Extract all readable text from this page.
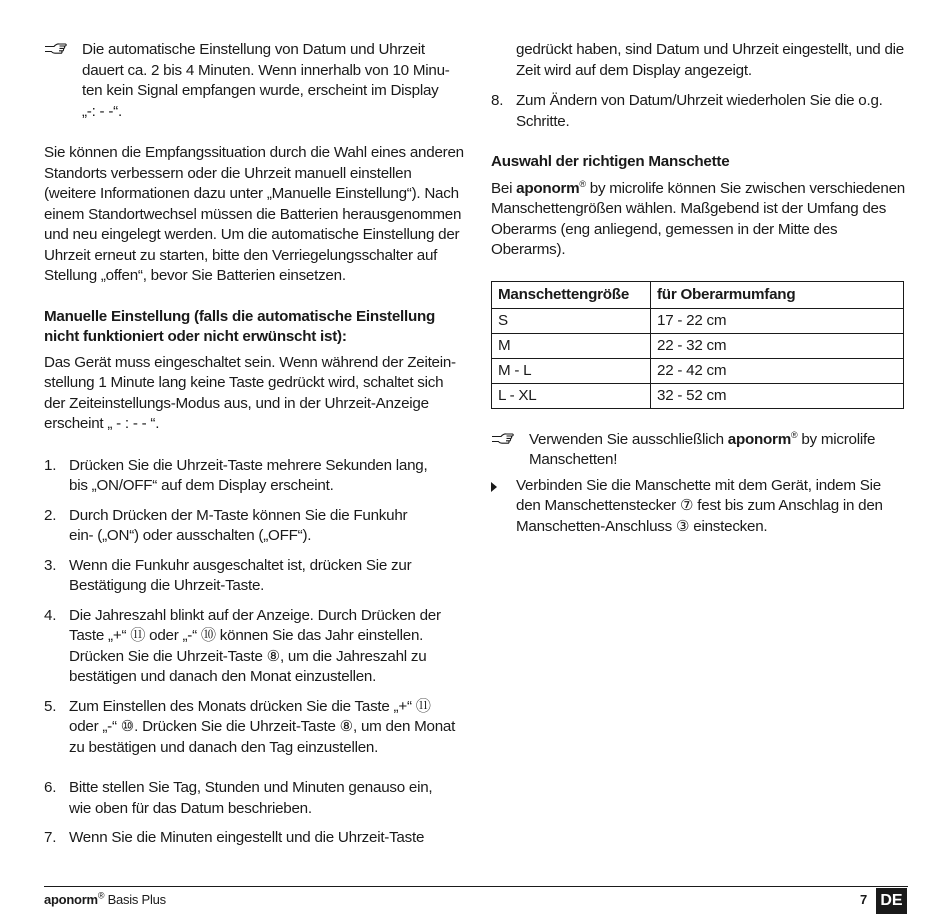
Die automatische Einstellung von Datum und Uhrzeit

dauert ca. 2 bis 4 Minuten. Wenn innerhalb von 10 Minu-

ten kein Signal empfangen wurde, erscheint im Display

„-: - -“.

Sie können die Empfangssituation durch die Wahl eines anderen

Standorts verbessern oder die Uhrzeit manuell einstellen

(weitere Informationen dazu unter „Manuelle Einstellung“). Nach

einem Standortwechsel müssen die Batterien herausgenommen

und neu eingelegt werden. Um die automatische Einstellung der

Uhrzeit erneut zu starten, bitte den Verriegelungsschalter auf

Stellung „offen“, bevor Sie Batterien einsetzen.

Manuelle Einstellung (falls die automatische Einstellung
nicht funktioniert oder nicht erwünscht ist):

Das Gerät muss eingeschaltet sein. Wenn während der Zeitein-

stellung 1 Minute lang keine Taste gedrückt wird, schaltet sich

der Zeiteinstellungs-Modus aus, und in der Uhrzeit-Anzeige

erscheint „ - : - - “.

1. Drücken Sie die Uhrzeit-Taste mehrere Sekunden lang,

bis „ON/OFF“ auf dem Display erscheint.

2. Durch Drücken der M-Taste können Sie die Funkuhr

ein- („ON“) oder ausschalten („OFF“).

3. Wenn die Funkuhr ausgeschaltet ist, drücken Sie zur

Bestätigung die Uhrzeit-Taste.

4. Die Jahreszahl blinkt auf der Anzeige. Durch Drücken der

Taste „+“ ⑪ oder „-“ ⑩ können Sie das Jahr einstellen.

Drücken Sie die Uhrzeit-Taste ⑧, um die Jahreszahl zu

bestätigen und danach den Monat einzustellen.

5. Zum Einstellen des Monats drücken Sie die Taste „+“ ⑪

oder „-“ ⑩. Drücken Sie die Uhrzeit-Taste ⑧, um den Monat

zu bestätigen und danach den Tag einzustellen.

6. Bitte stellen Sie Tag, Stunden und Minuten genauso ein,

wie oben für das Datum beschrieben.

7. Wenn Sie die Minuten eingestellt und die Uhrzeit-Taste

gedrückt haben, sind Datum und Uhrzeit eingestellt, und die

Zeit wird auf dem Display angezeigt.

8. Zum Ändern von Datum/Uhrzeit wiederholen Sie die o.g.

Schritte.

Auswahl der richtigen Manschette

Bei aponorm® by microlife können Sie zwischen verschiedenen

Manschettengrößen wählen. Maßgebend ist der Umfang des

Oberarms (eng anliegend, gemessen in der Mitte des Oberarms).

Manschettengröße	für Oberarmumfang
S	17 - 22 cm
M	22 - 32 cm
M - L	22 - 42 cm
L - XL	32 - 52 cm

Verwenden Sie ausschließlich aponorm® by microlife

Manschetten!

Verbinden Sie die Manschette mit dem Gerät, indem Sie

den Manschettenstecker ⑦ fest bis zum Anschlag in den

Manschetten-Anschluss ③ einstecken.

aponorm® Basis Plus	7 DE
